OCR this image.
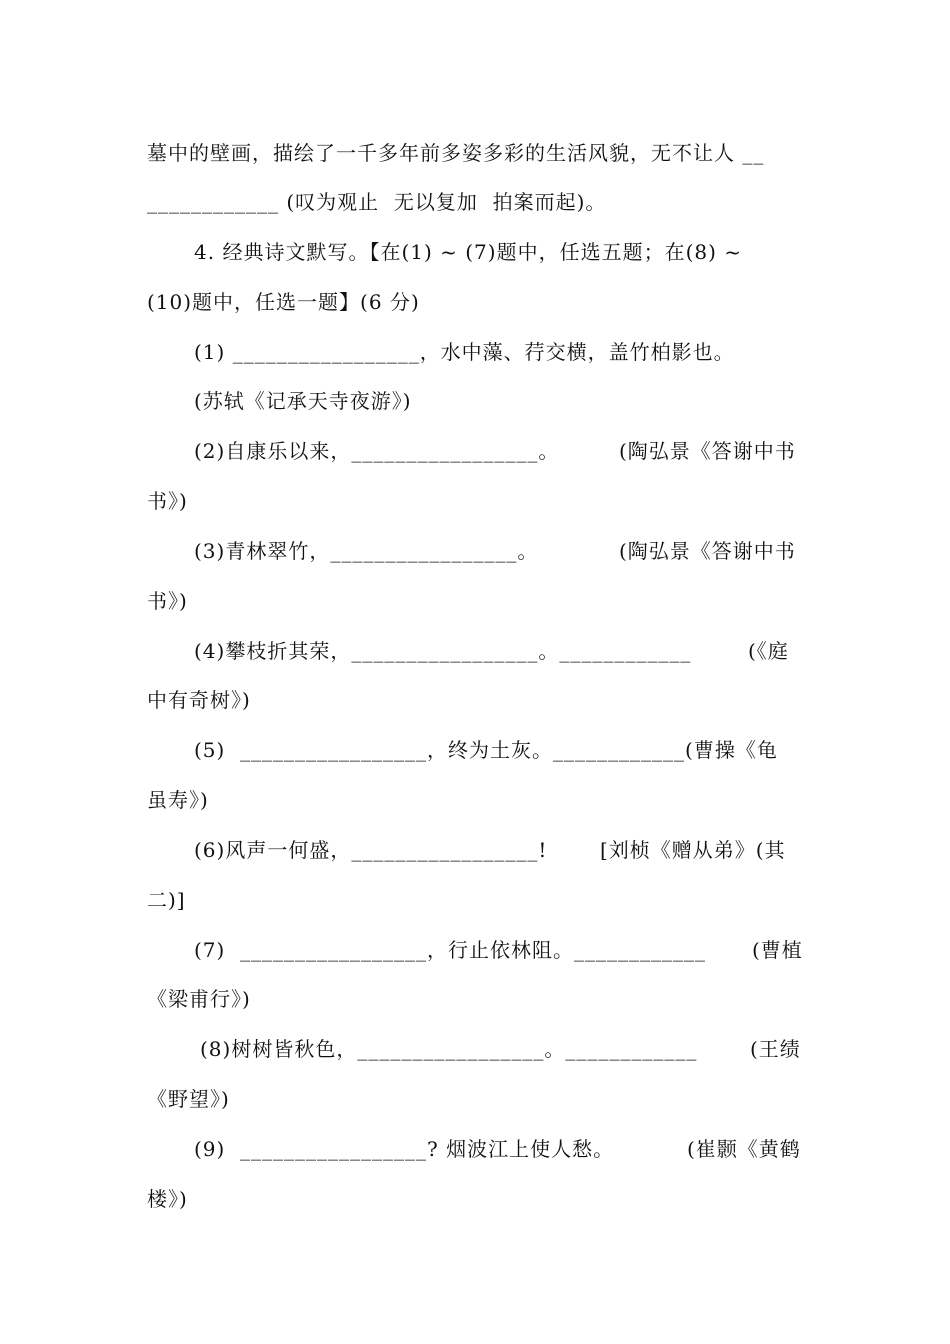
墓中的壁画，描绘了一千多年前多姿多彩的生活风貌，无不让人 __
____________ (叹为观止  无以复加  拍案而起)。
4. 经典诗文默写。【在(1) ~ (7)题中，任选五题；在(8) ~
(10)题中，任选一题】(6 分)
(1) _________________，水中藻、荇交横，盖竹柏影也。
(苏轼《记承天寺夜游》)
(2)自康乐以来，_________________。	(陶弘景《答谢中书
书》)
(3)青林翠竹，_________________。	(陶弘景《答谢中书
书》)
(4)攀枝折其荣，_________________。____________	(《庭
中有奇树》)
(5)  _________________，终为土灰。____________(曹操《龟
虽寿》)
(6)风声一何盛，_________________!	[刘桢《赠从弟》(其
二)]
(7)  _________________，行止依林阻。____________ (曹植
《梁甫行》)
(8)树树皆秋色，_________________。____________	(王绩
《野望》)
(9)  _________________? 烟波江上使人愁。	(崔颢《黄鹤
楼》)
